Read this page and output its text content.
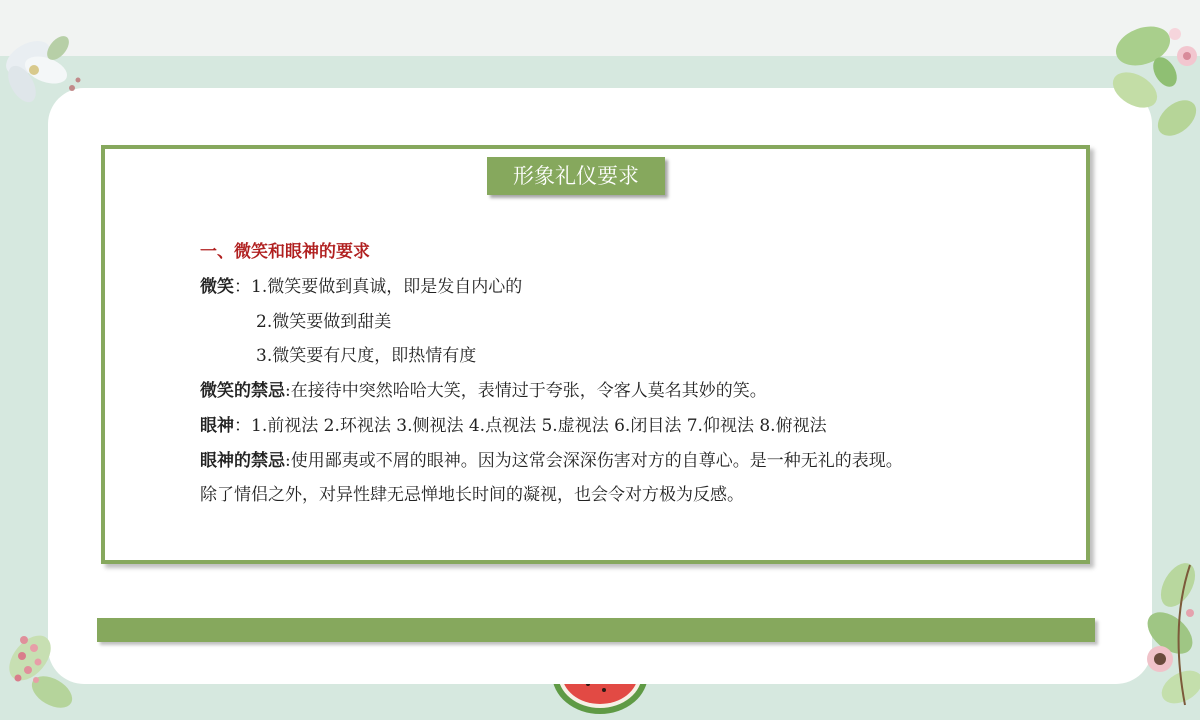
形象礼仪要求
一、微笑和眼神的要求
微笑：1.微笑要做到真诚，即是发自内心的
2.微笑要做到甜美
3.微笑要有尺度，即热情有度
微笑的禁忌:在接待中突然哈哈大笑，表情过于夸张，令客人莫名其妙的笑。
眼神：1.前视法 2.环视法 3.侧视法 4.点视法 5.虚视法 6.闭目法 7.仰视法 8.俯视法
眼神的禁忌:使用鄙夷或不屑的眼神。因为这常会深深伤害对方的自尊心。是一种无礼的表现。
除了情侣之外，对异性肆无忌惮地长时间的凝视，也会令对方极为反感。
